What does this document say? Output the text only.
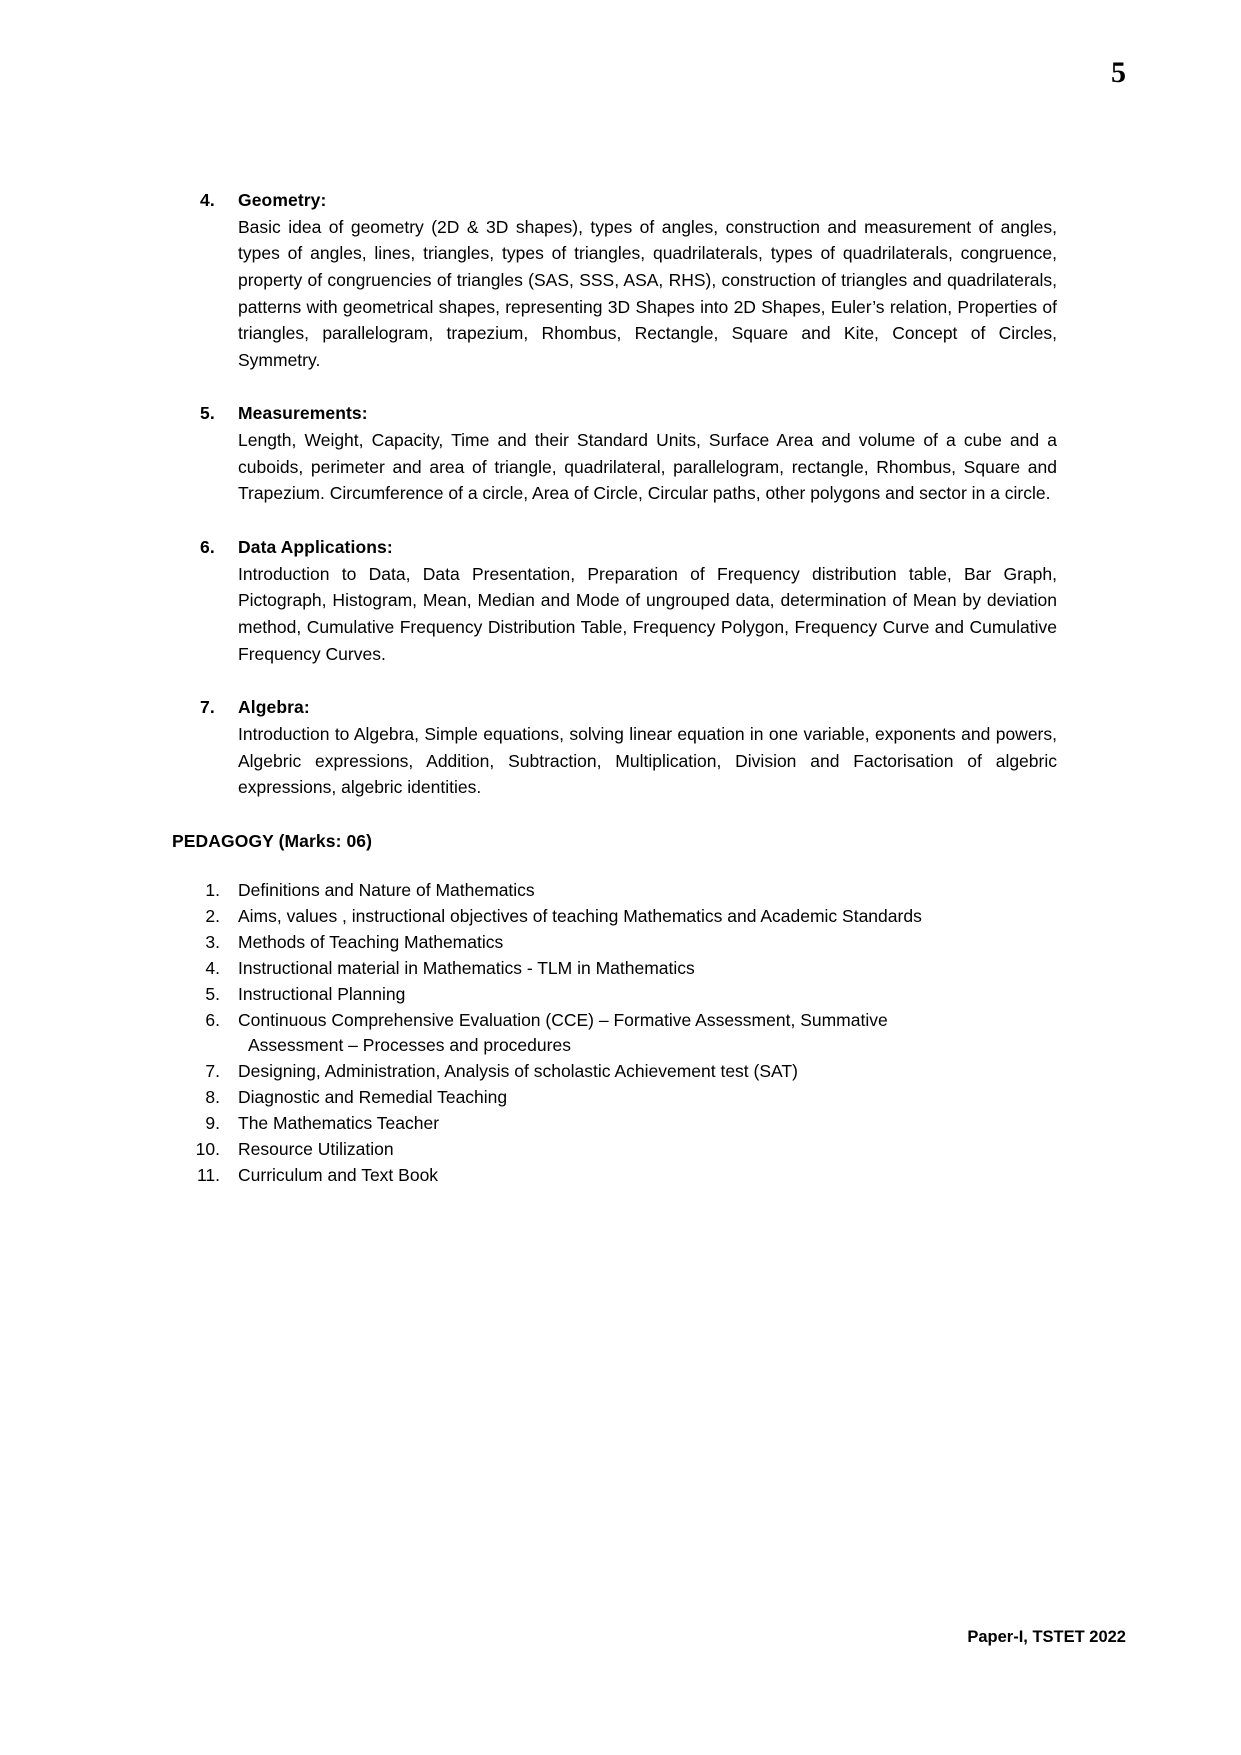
5
4. Geometry:
Basic idea of geometry (2D & 3D shapes), types of angles, construction and measurement of angles, types of angles, lines, triangles, types of triangles, quadrilaterals, types of quadrilaterals, congruence, property of congruencies of triangles (SAS, SSS, ASA, RHS), construction of triangles and quadrilaterals, patterns with geometrical shapes, representing 3D Shapes into 2D Shapes, Euler’s relation, Properties of triangles, parallelogram, trapezium, Rhombus, Rectangle, Square and Kite, Concept of Circles, Symmetry.
5. Measurements:
Length, Weight, Capacity, Time and their Standard Units, Surface Area and volume of a cube and a cuboids, perimeter and area of triangle, quadrilateral, parallelogram, rectangle, Rhombus, Square and Trapezium. Circumference of a circle, Area of Circle, Circular paths, other polygons and sector in a circle.
6. Data Applications:
Introduction to Data, Data Presentation, Preparation of Frequency distribution table, Bar Graph, Pictograph, Histogram, Mean, Median and Mode of ungrouped data, determination of Mean by deviation method, Cumulative Frequency Distribution Table, Frequency Polygon, Frequency Curve and Cumulative Frequency Curves.
7. Algebra:
Introduction to Algebra, Simple equations, solving linear equation in one variable, exponents and powers, Algebric expressions, Addition, Subtraction, Multiplication, Division and Factorisation of algebric expressions, algebric identities.
PEDAGOGY (Marks: 06)
1. Definitions and Nature of Mathematics
2. Aims, values , instructional objectives of teaching Mathematics and Academic Standards
3. Methods of Teaching Mathematics
4. Instructional material in Mathematics - TLM in Mathematics
5. Instructional Planning
6. Continuous Comprehensive Evaluation (CCE) – Formative Assessment, Summative
Assessment – Processes and procedures
7. Designing, Administration, Analysis of scholastic Achievement test (SAT)
8. Diagnostic and Remedial Teaching
9. The Mathematics Teacher
10. Resource Utilization
11. Curriculum and Text Book
Paper-I, TSTET 2022
